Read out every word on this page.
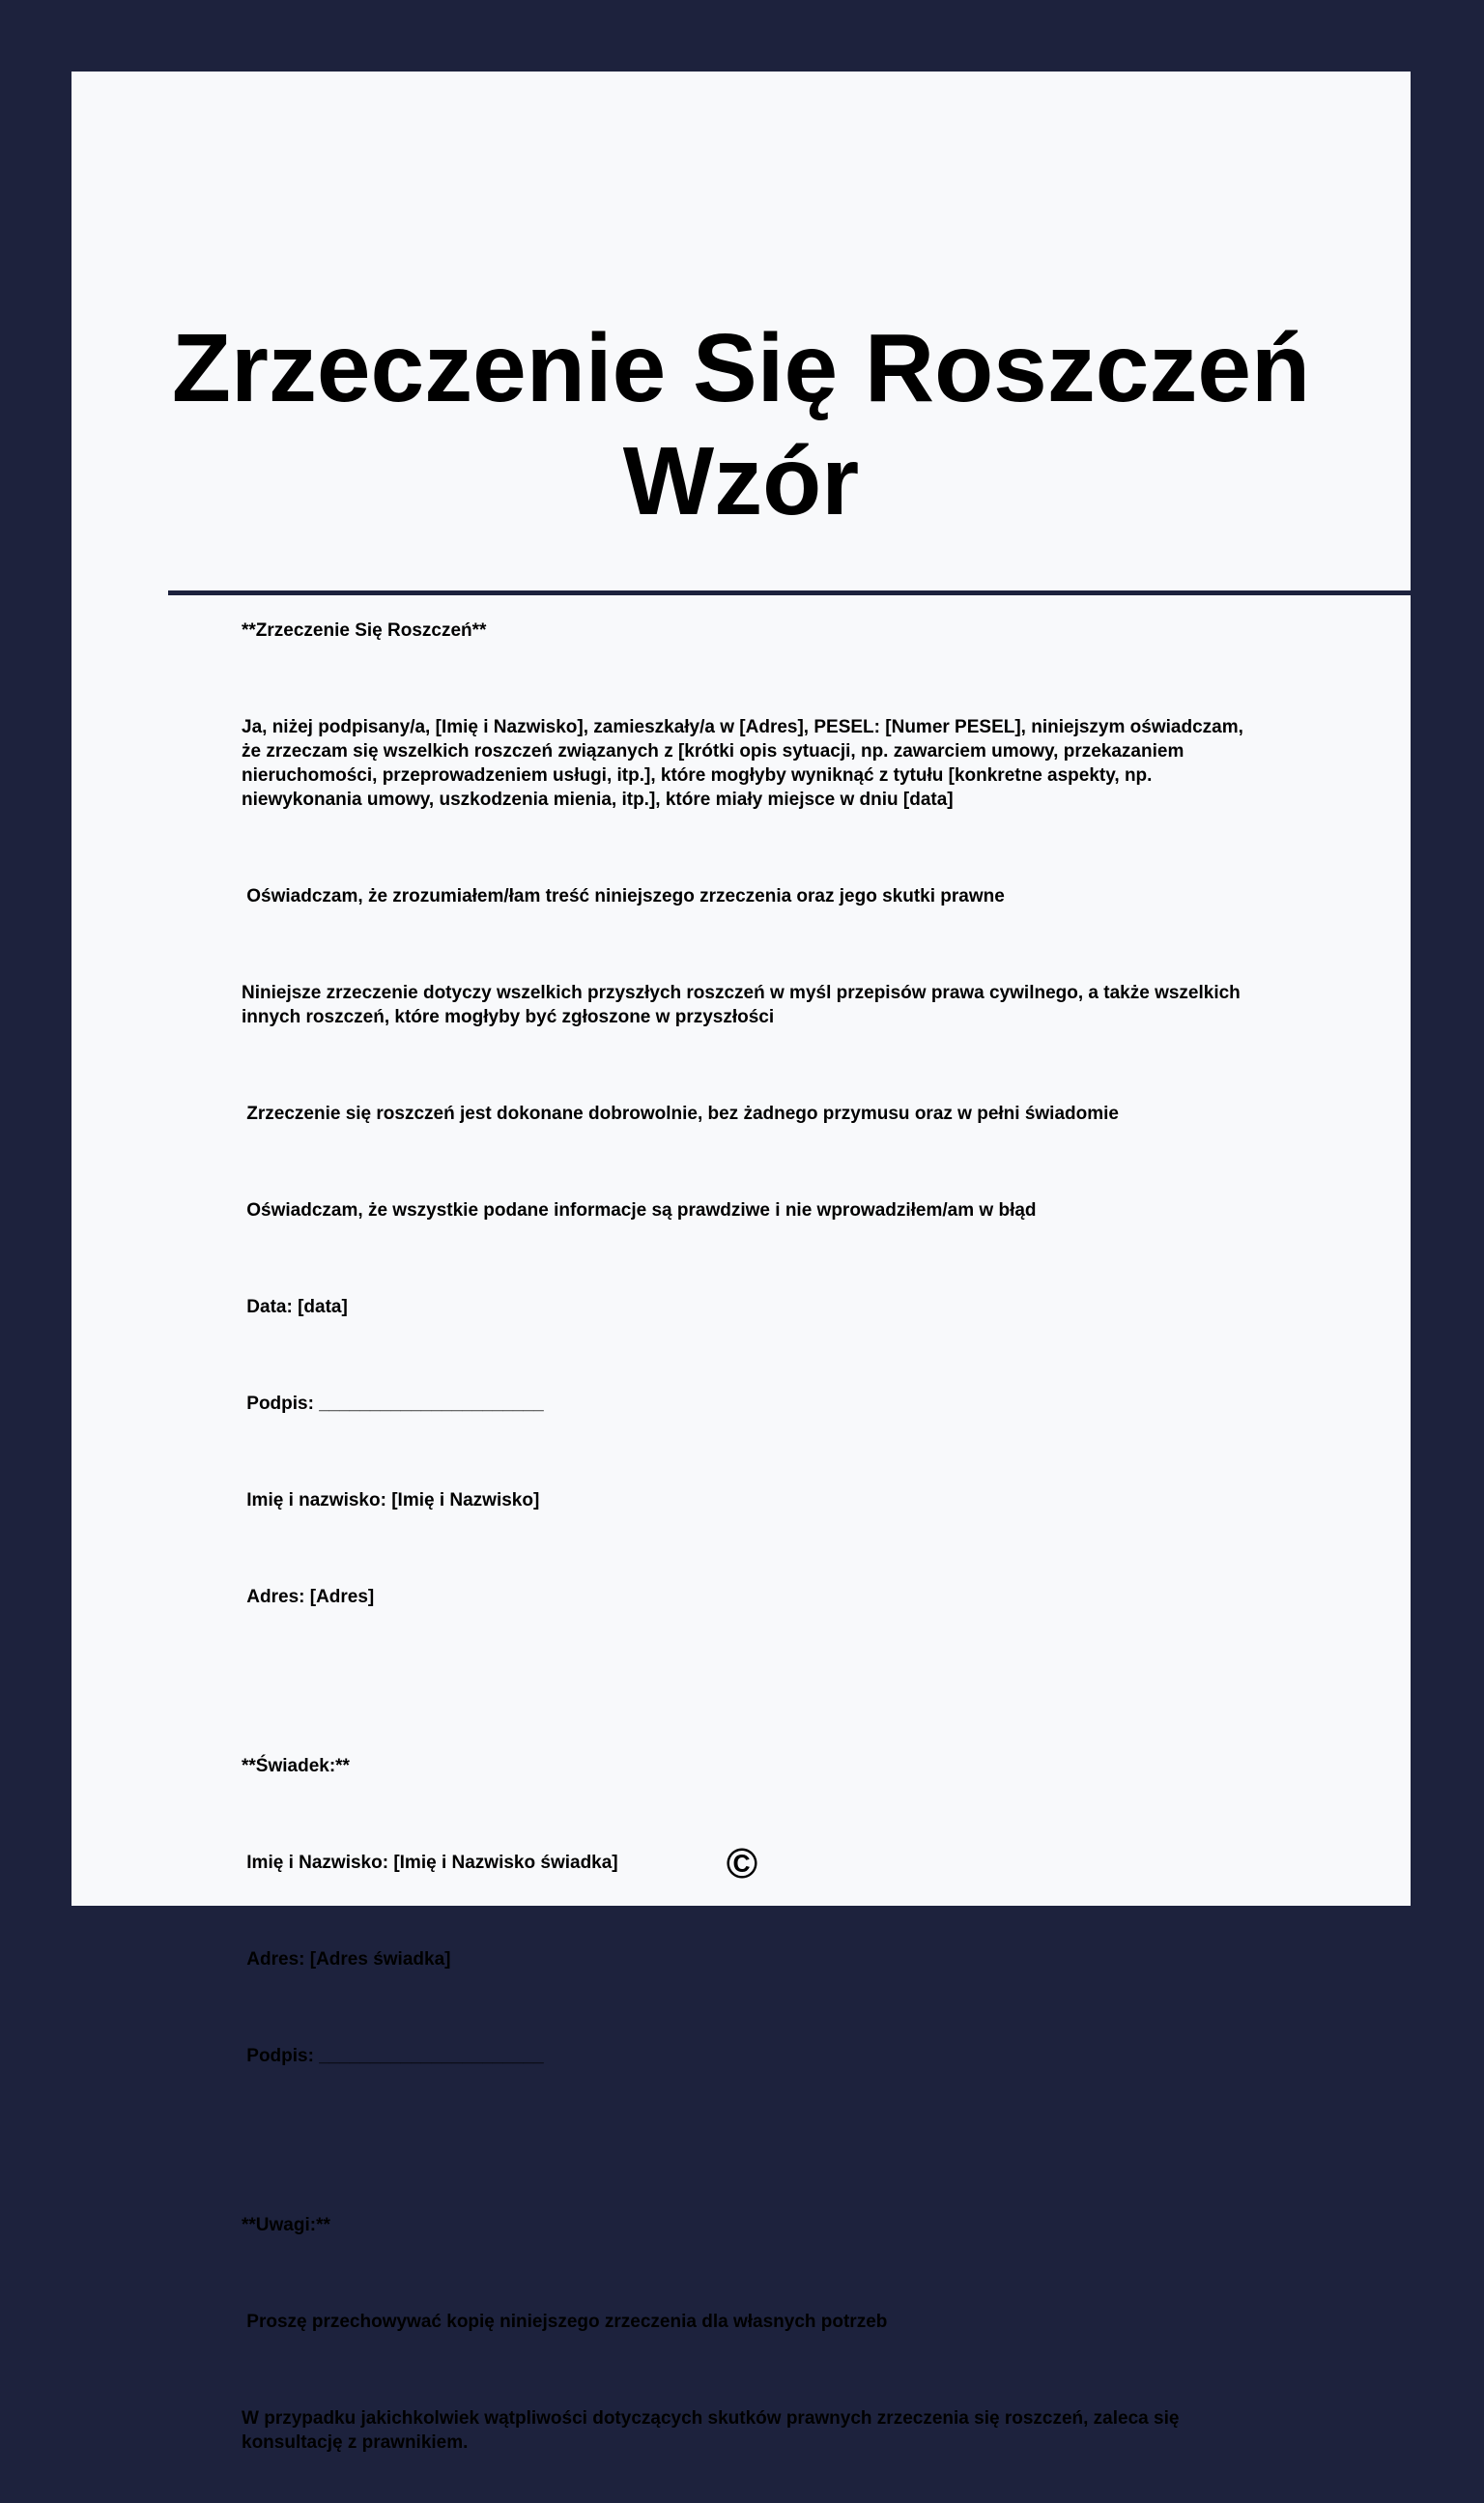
Zrzeczenie Się Roszczeń
Wzór

**Zrzeczenie Się Roszczeń**

Ja, niżej podpisany/a, [Imię i Nazwisko], zamieszkały/a w [Adres], PESEL: [Numer PESEL], niniejszym oświadczam, że zrzeczam się wszelkich roszczeń związanych z [krótki opis sytuacji, np. zawarciem umowy, przekazaniem nieruchomości, przeprowadzeniem usługi, itp.], które mogłyby wyniknąć z tytułu [konkretne aspekty, np. niewykonania umowy, uszkodzenia mienia, itp.], które miały miejsce w dniu [data]

Oświadczam, że zrozumiałem/łam treść niniejszego zrzeczenia oraz jego skutki prawne

Niniejsze zrzeczenie dotyczy wszelkich przyszłych roszczeń w myśl przepisów prawa cywilnego, a także wszelkich innych roszczeń, które mogłyby być zgłoszone w przyszłości

Zrzeczenie się roszczeń jest dokonane dobrowolnie, bez żadnego przymusu oraz w pełni świadomie

Oświadczam, że wszystkie podane informacje są prawdziwe i nie wprowadziłem/am w błąd

Data: [data]

Podpis: ______________________

Imię i nazwisko: [Imię i Nazwisko]

Adres: [Adres]

**Świadek:**

Imię i Nazwisko: [Imię i Nazwisko świadka]

Adres: [Adres świadka]

Podpis: ______________________

**Uwagi:**

Proszę przechowywać kopię niniejszego zrzeczenia dla własnych potrzeb

W przypadku jakichkolwiek wątpliwości dotyczących skutków prawnych zrzeczenia się roszczeń, zaleca się konsultację z prawnikiem.

©
